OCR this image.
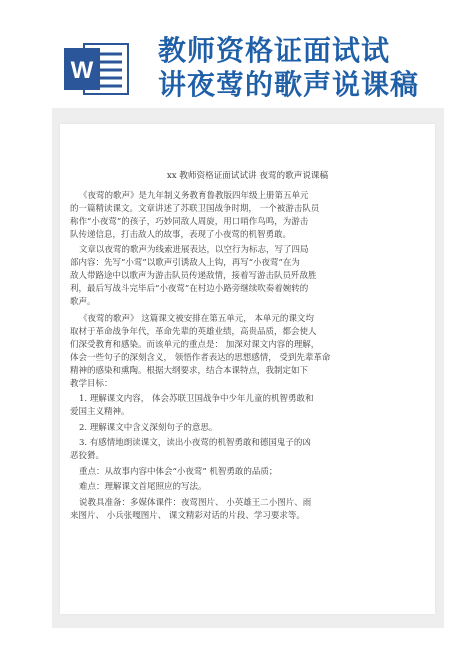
W
教师资格证面试试
讲夜莺的歌声说课稿
xx 教师资格证面试试讲 夜莺的歌声说课稿
《夜莺的歌声》是九年制义务教育鲁教版四年级上册第五单元
的一篇精读课文。文章讲述了苏联卫国战争时期， 一个被游击队员
称作“小夜莺”的孩子，巧妙同敌人周旋，用口哨作鸟鸣，为游击
队传递信息，打击敌人的故事，表现了小夜莺的机智勇敢。
文章以夜莺的歌声为线索进展表达，以空行为标志，写了四局
部内容：先写“小莺”以歌声引诱敌人上钩，再写“小夜莺”在为
敌人带路途中以歌声为游击队员传递敌情，接着写游击队员歼敌胜
利，最后写战斗完毕后“小夜莺”在村边小路旁继续吹奏着婉转的
歌声。
《夜莺的歌声》 这篇课文被安排在第五单元， 本单元的课文均
取材于革命战争年代，革命先辈的英雄业绩，高贵品质，都会使人
们深受教育和感染。而该单元的重点是： 加深对课文内容的理解，
体会一些句子的深刻含义， 领悟作者表达的思想感情， 受到先辈革命
精神的感染和熏陶。根据大纲要求，结合本课特点，我制定如下
教学目标：
1. 理解课文内容， 体会苏联卫国战争中少年儿童的机智勇敢和
爱国主义精神。
2. 理解课文中含义深刻句子的意思。
3. 有感情地朗读课文，读出小夜莺的机智勇敢和德国鬼子的凶
恶狡猾。
重点：从故事内容中体会“小夜莺” 机智勇敢的品质；
难点：理解课文首尾照应的写法。
说教具准备：多媒体课件：夜莺图片、 小英雄王二小图片、雨
来图片、 小兵张嘎图片、 课文精彩对话的片段、学习要求等。
